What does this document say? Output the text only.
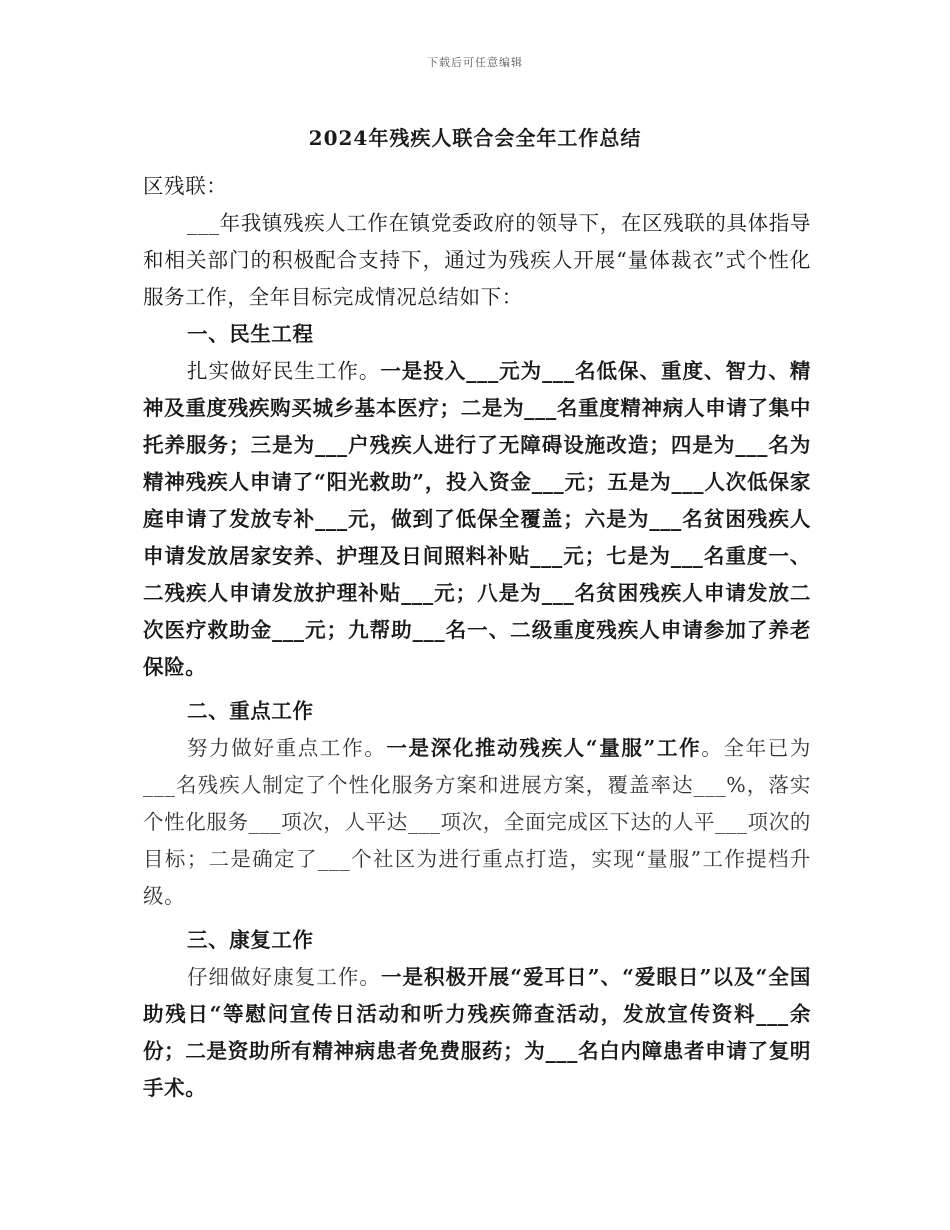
下载后可任意编辑
2024年残疾人联合会全年工作总结

区残联：

___年我镇残疾人工作在镇党委政府的领导下，在区残联的具体指导和相关部门的积极配合支持下，通过为残疾人开展“量体裁衣”式个性化服务工作，全年目标完成情况总结如下：

一、民生工程

扎实做好民生工作。一是投入___元为___名低保、重度、智力、精神及重度残疾购买城乡基本医疗；二是为___名重度精神病人申请了集中托养服务；三是为___户残疾人进行了无障碍设施改造；四是为___名为精神残疾人申请了“阳光救助”，投入资金___元；五是为___人次低保家庭申请了发放专补___元，做到了低保全覆盖；六是为___名贫困残疾人申请发放居家安养、护理及日间照料补贴___元；七是为___名重度一、二残疾人申请发放护理补贴___元；八是为___名贫困残疾人申请发放二次医疗救助金___元；九帮助___名一、二级重度残疾人申请参加了养老保险。

二、重点工作

努力做好重点工作。一是深化推动残疾人“量服”工作。全年已为___名残疾人制定了个性化服务方案和进展方案，覆盖率达___%，落实个性化服务___项次，人平达___项次，全面完成区下达的人平___项次的目标；二是确定了___个社区为进行重点打造，实现“量服”工作提档升级。

三、康复工作

仔细做好康复工作。一是积极开展“爱耳日”、“爱眼日”以及“全国助残日“等慰问宣传日活动和听力残疾筛查活动，发放宣传资料___余份；二是资助所有精神病患者免费服药；为___名白内障患者申请了复明手术。
